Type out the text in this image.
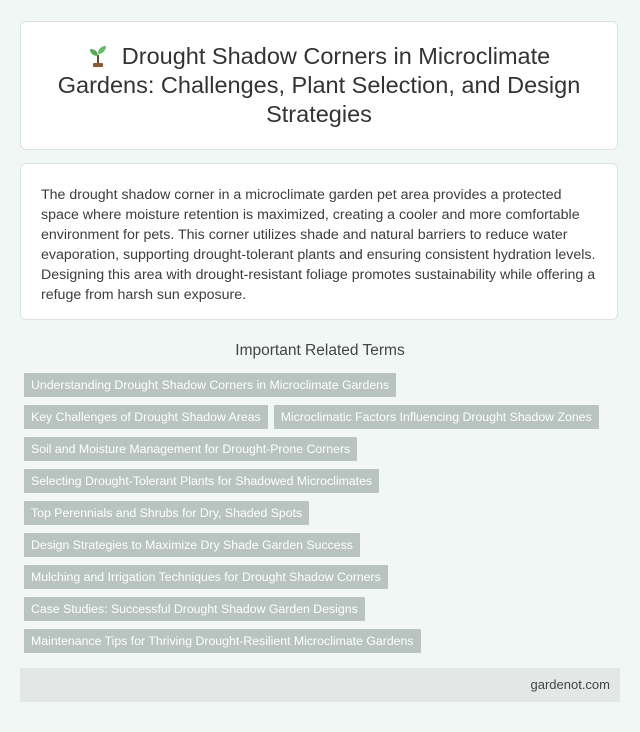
Drought Shadow Corners in Microclimate Gardens: Challenges, Plant Selection, and Design Strategies

The drought shadow corner in a microclimate garden pet area provides a protected space where moisture retention is maximized, creating a cooler and more comfortable environment for pets. This corner utilizes shade and natural barriers to reduce water evaporation, supporting drought-tolerant plants and ensuring consistent hydration levels. Designing this area with drought-resistant foliage promotes sustainability while offering a refuge from harsh sun exposure.

Important Related Terms
Understanding Drought Shadow Corners in Microclimate Gardens
Key Challenges of Drought Shadow Areas	Microclimatic Factors Influencing Drought Shadow Zones
Soil and Moisture Management for Drought-Prone Corners
Selecting Drought-Tolerant Plants for Shadowed Microclimates
Top Perennials and Shrubs for Dry, Shaded Spots
Design Strategies to Maximize Dry Shade Garden Success
Mulching and Irrigation Techniques for Drought Shadow Corners
Case Studies: Successful Drought Shadow Garden Designs
Maintenance Tips for Thriving Drought-Resilient Microclimate Gardens
gardenot.com
